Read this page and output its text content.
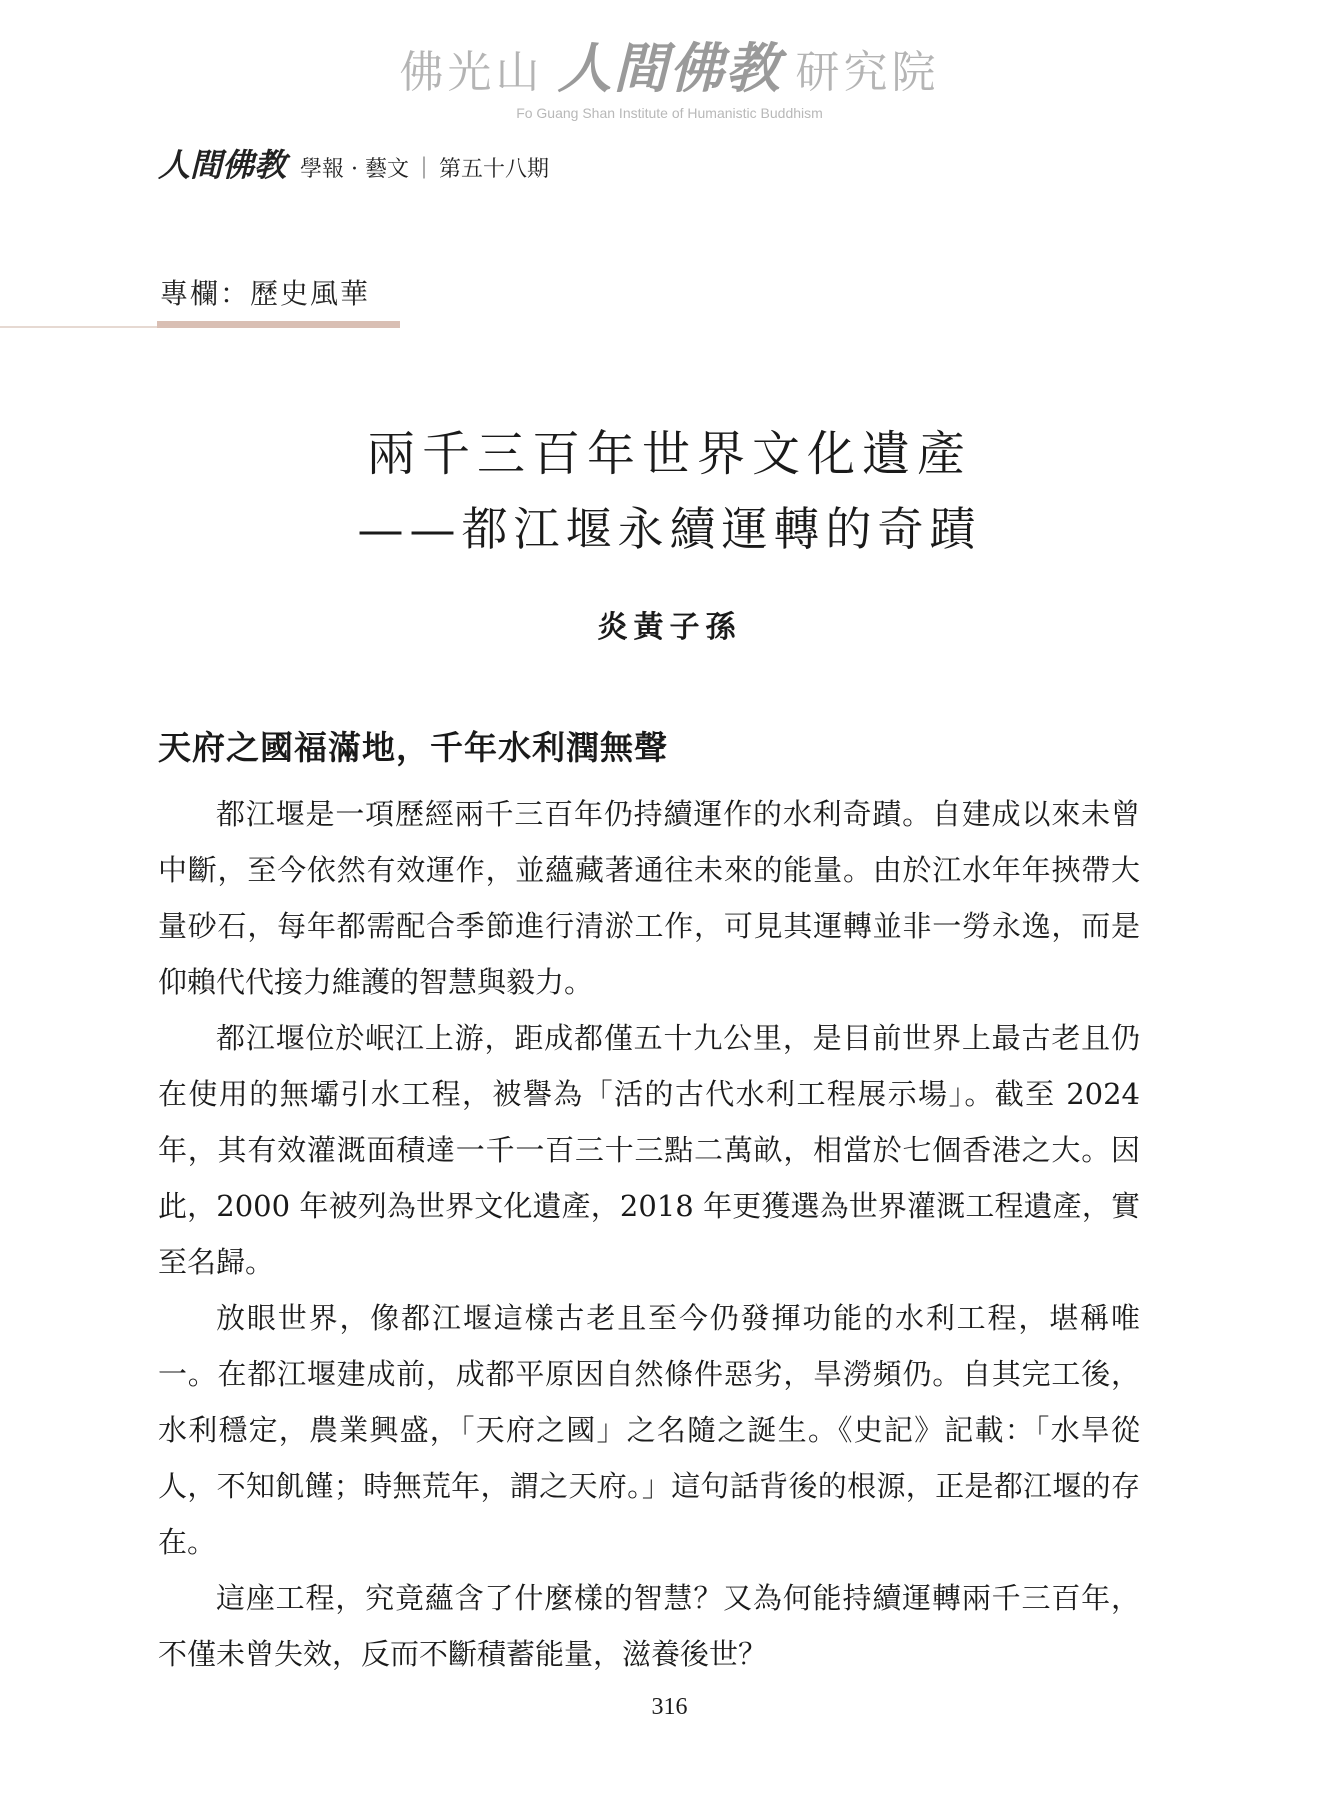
佛光山 人間佛教 研究院
Fo Guang Shan Institute of Humanistic Buddhism
人間佛教 學報 · 藝文 ｜ 第五十八期
專欄：歷史風華
兩千三百年世界文化遺產
——都江堰永續運轉的奇蹟
炎黃子孫
天府之國福滿地，千年水利潤無聲

都江堰是一項歷經兩千三百年仍持續運作的水利奇蹟。自建成以來未曾中斷，至今依然有效運作，並蘊藏著通往未來的能量。由於江水年年挾帶大量砂石，每年都需配合季節進行清淤工作，可見其運轉並非一勞永逸，而是仰賴代代接力維護的智慧與毅力。

都江堰位於岷江上游，距成都僅五十九公里，是目前世界上最古老且仍在使用的無壩引水工程，被譽為「活的古代水利工程展示場」。截至 2024 年，其有效灌溉面積達一千一百三十三點二萬畝，相當於七個香港之大。因此，2000 年被列為世界文化遺產，2018 年更獲選為世界灌溉工程遺產，實至名歸。

放眼世界，像都江堰這樣古老且至今仍發揮功能的水利工程，堪稱唯一。在都江堰建成前，成都平原因自然條件惡劣，旱澇頻仍。自其完工後，水利穩定，農業興盛，「天府之國」之名隨之誕生。《史記》記載：「水旱從人，不知飢饉；時無荒年，謂之天府。」這句話背後的根源，正是都江堰的存在。

這座工程，究竟蘊含了什麼樣的智慧？又為何能持續運轉兩千三百年，不僅未曾失效，反而不斷積蓄能量，滋養後世？

316
